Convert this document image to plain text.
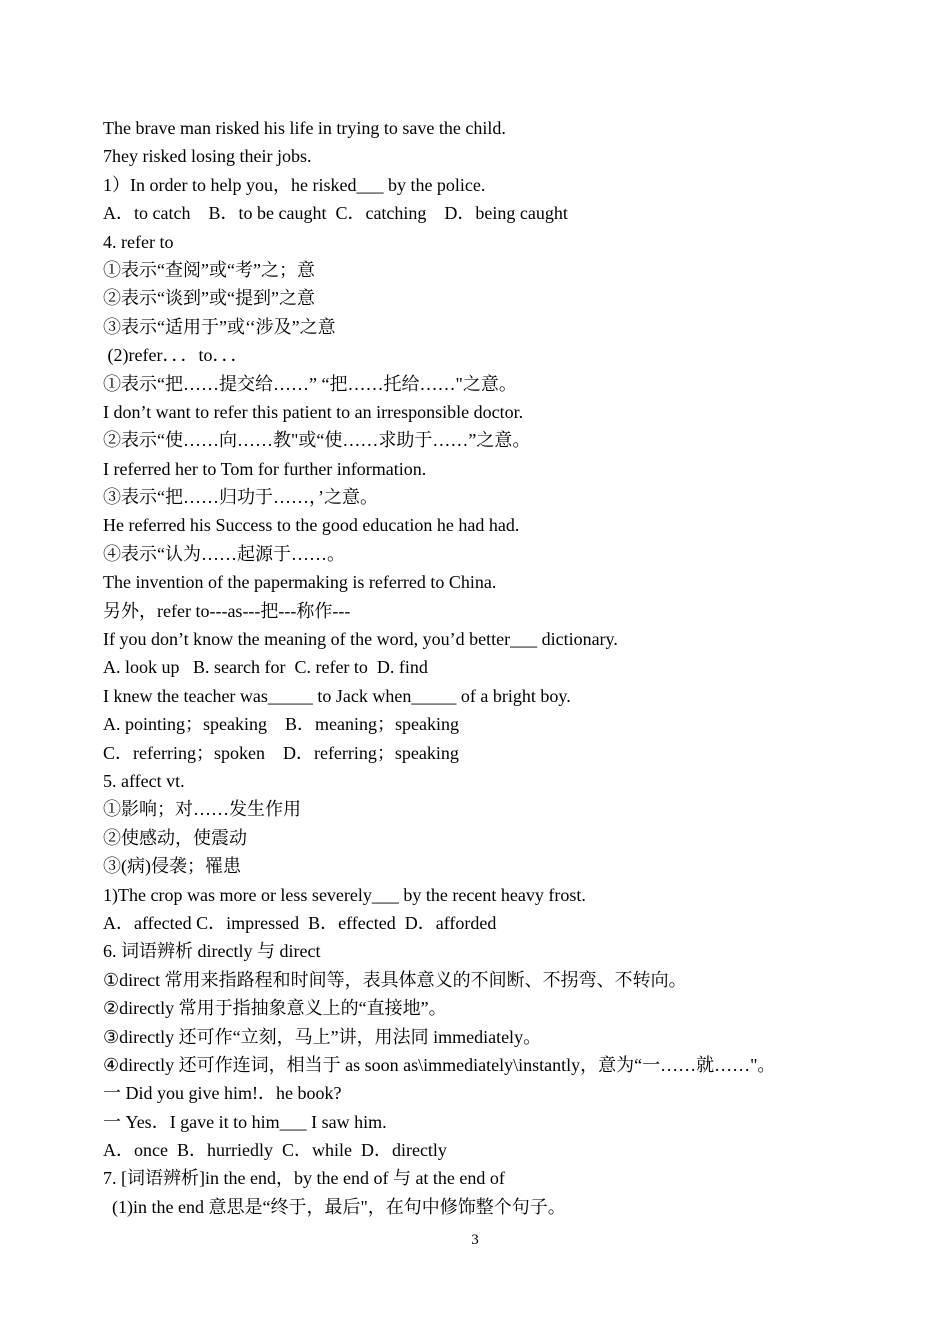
The brave man risked his life in trying to save the child.
7hey risked losing their jobs.
1）In order to help you，he risked___ by the police.
A．to catch    B．to be caught  C．catching    D．being caught
4. refer to
①表示“查阅”或“考”之；意
②表示“谈到”或“提到”之意
③表示“适用于”或‘‘涉及”之意
(2)refer．．．to．．．
①表示“把……提交给……” “把……托给……"之意。
I don’t want to refer this patient to an irresponsible doctor.
②表示“使……向……教"或“使……求助于……”之意。
I referred her to Tom for further information.
③表示“把……归功于……，’之意。
He referred his Success to the good education he had had.
④表示“认为……起源于……。
The invention of the papermaking is referred to China.
另外，refer to---as---把---称作---
If you don’t know the meaning of the word, you’d better___ dictionary.
A. look up   B. search for  C. refer to  D. find
I knew the teacher was_____ to Jack when_____ of a bright boy.
A. pointing；speaking    B．meaning；speaking
C．referring；spoken    D．referring；speaking
5. affect vt.
①影响；对……发生作用
②使感动，使震动
③(病)侵袭；罹患
1)The crop was more or less severely___ by the recent heavy frost.
A．affected C．impressed  B．effected  D．afforded
6. 词语辨析 directly 与 direct
①direct 常用来指路程和时间等，表具体意义的不间断、不拐弯、不转向。
②directly 常用于指抽象意义上的“直接地”。
③directly 还可作“立刻，马上”讲，用法同 immediately。
④directly 还可作连词，相当于 as soon as\immediately\instantly，意为“一……就……"。
一 Did you give him!．he book?
一 Yes．I gave it to him___ I saw him.
A．once  B．hurriedly  C．while  D．directly
7. [词语辨析]in the end，by the end of 与 at the end of
(1)in the end 意思是“终于，最后"，在句中修饰整个句子。
3
